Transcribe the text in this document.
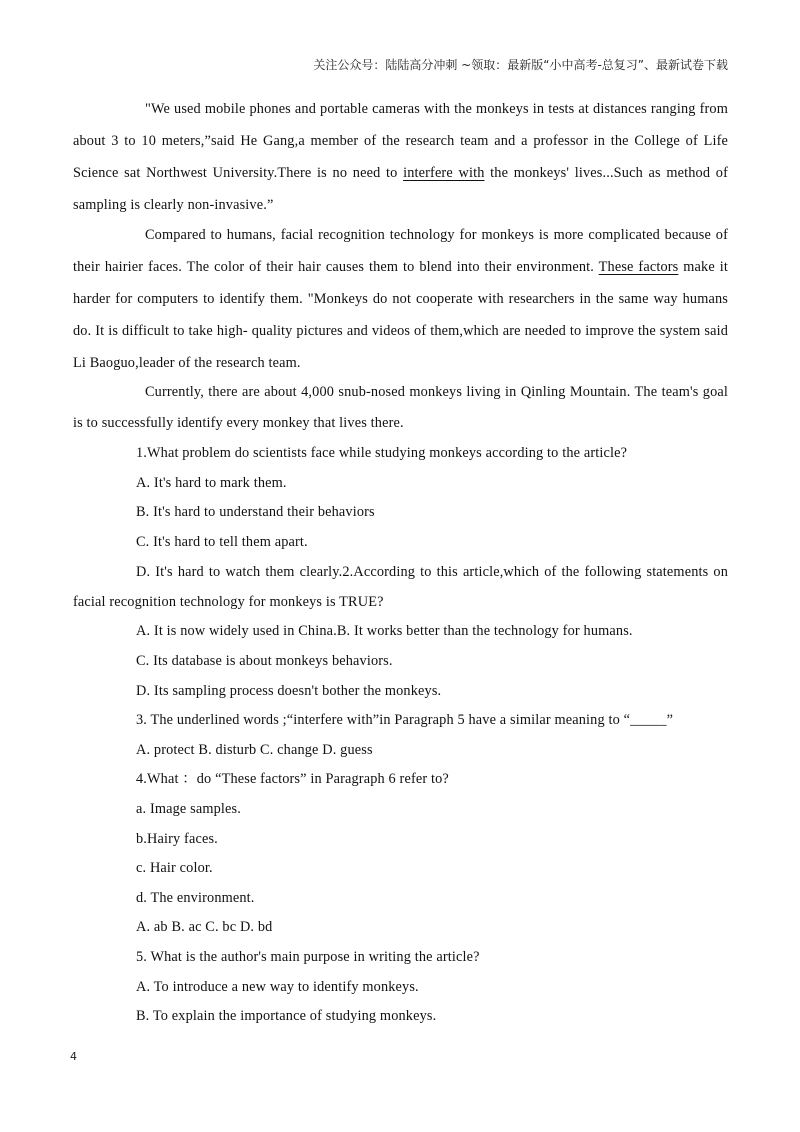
关注公众号：陆陆高分冲刺 ~领取：最新版“小中高考-总复习”、最新试卷下载

"We used mobile phones and portable cameras with the monkeys in tests at distances ranging from about 3 to 10 meters,”said He Gang,a member of the research team and a professor in the College of Life Science sat Northwest University.There is no need to interfere with the monkeys' lives...Such as method of sampling is clearly non-invasive.”

Compared to humans, facial recognition technology for monkeys is more complicated because of their hairier faces. The color of their hair causes them to blend into their environment. These factors make it harder for computers to identify them. "Monkeys do not cooperate with researchers in the same way humans do. It is difficult to take high- quality pictures and videos of them,which are needed to improve the system said Li Baoguo,leader of the research team.

Currently, there are about 4,000 snub-nosed monkeys living in Qinling Mountain. The team's goal is to successfully identify every monkey that lives there.

1.What problem do scientists face while studying monkeys according to the article?

A. It's hard to mark them.

B. It's hard to understand their behaviors

C. It's hard to tell them apart.

D. It's hard to watch them clearly.2.According to this article,which of the following statements on facial recognition technology for monkeys is TRUE?

A. It is now widely used in China.B. It works better than the technology for humans.

C. Its database is about monkeys behaviors.

D. Its sampling process doesn't bother the monkeys.

3. The underlined words ;“interfere with”in Paragraph 5 have a similar meaning to “_____”

A. protect B. disturb C. change D. guess

4.What ：do “These factors” in Paragraph 6 refer to?

a. Image samples.

b.Hairy faces.

c. Hair color.

d. The environment.

A. ab B. ac C. bc D. bd

5. What is the author's main purpose in writing the article?

A. To introduce a new way to identify monkeys.

B. To explain the importance of studying monkeys.

4
